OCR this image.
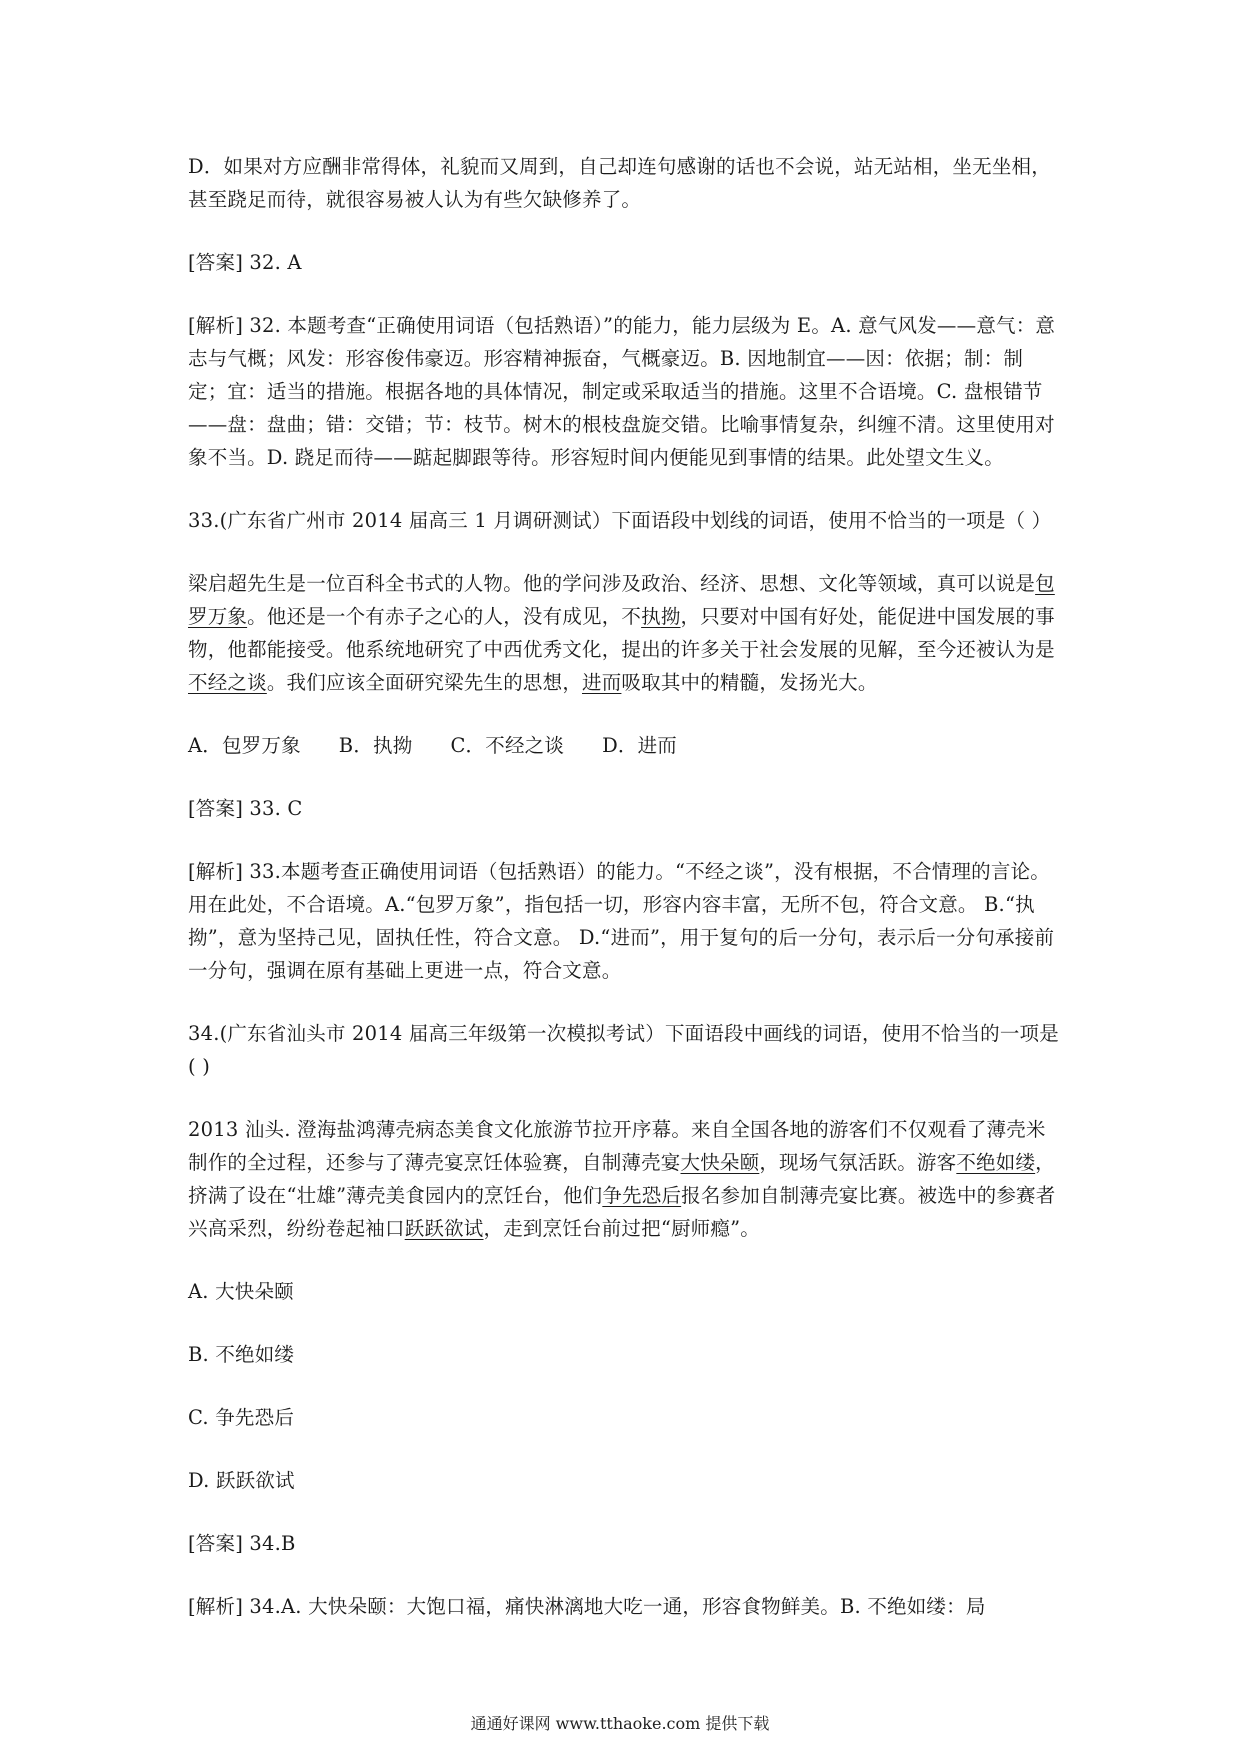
D．如果对方应酬非常得体，礼貌而又周到，自己却连句感谢的话也不会说，站无站相，坐无坐相，甚至跷足而待，就很容易被人认为有些欠缺修养了。

[答案] 32. A

[解析] 32. 本题考查“正确使用词语（包括熟语）”的能力，能力层级为 E。A. 意气风发——意气：意志与气概；风发：形容俊伟豪迈。形容精神振奋，气概豪迈。B. 因地制宜——因：依据；制：制定；宜：适当的措施。根据各地的具体情况，制定或采取适当的措施。这里不合语境。C. 盘根错节——盘：盘曲；错：交错；节：枝节。树木的根枝盘旋交错。比喻事情复杂，纠缠不清。这里使用对象不当。D. 跷足而待——踮起脚跟等待。形容短时间内便能见到事情的结果。此处望文生义。

33.(广东省广州市 2014 届高三 1 月调研测试）下面语段中划线的词语，使用不恰当的一项是（ ）

梁启超先生是一位百科全书式的人物。他的学问涉及政治、经济、思想、文化等领域，真可以说是包罗万象。他还是一个有赤子之心的人，没有成见，不执拗，只要对中国有好处，能促进中国发展的事物，他都能接受。他系统地研究了中西优秀文化，提出的许多关于社会发展的见解，至今还被认为是不经之谈。我们应该全面研究梁先生的思想，进而吸取其中的精髓，发扬光大。

A．包罗万象 B．执拗 C．不经之谈 D．进而

[答案] 33. C

[解析] 33.本题考查正确使用词语（包括熟语）的能力。“不经之谈”，没有根据，不合情理的言论。用在此处，不合语境。A.“包罗万象”，指包括一切，形容内容丰富，无所不包，符合文意。 B.“执拗”，意为坚持己见，固执任性，符合文意。 D.“进而”，用于复句的后一分句，表示后一分句承接前一分句，强调在原有基础上更进一点，符合文意。

34.(广东省汕头市 2014 届高三年级第一次模拟考试）下面语段中画线的词语，使用不恰当的一项是( )

2013 汕头. 澄海盐鸿薄壳病态美食文化旅游节拉开序幕。来自全国各地的游客们不仅观看了薄壳米制作的全过程，还参与了薄壳宴烹饪体验赛，自制薄壳宴大快朵颐，现场气氛活跃。游客不绝如缕，挤满了设在“壮雄”薄壳美食园内的烹饪台，他们争先恐后报名参加自制薄壳宴比赛。被选中的参赛者兴高采烈，纷纷卷起袖口跃跃欲试，走到烹饪台前过把“厨师瘾”。

A. 大快朵颐

B. 不绝如缕

C. 争先恐后

D. 跃跃欲试

[答案] 34.B

[解析] 34.A. 大快朵颐：大饱口福，痛快淋漓地大吃一通，形容食物鲜美。B. 不绝如缕：局

通通好课网 www.tthaoke.com 提供下载
